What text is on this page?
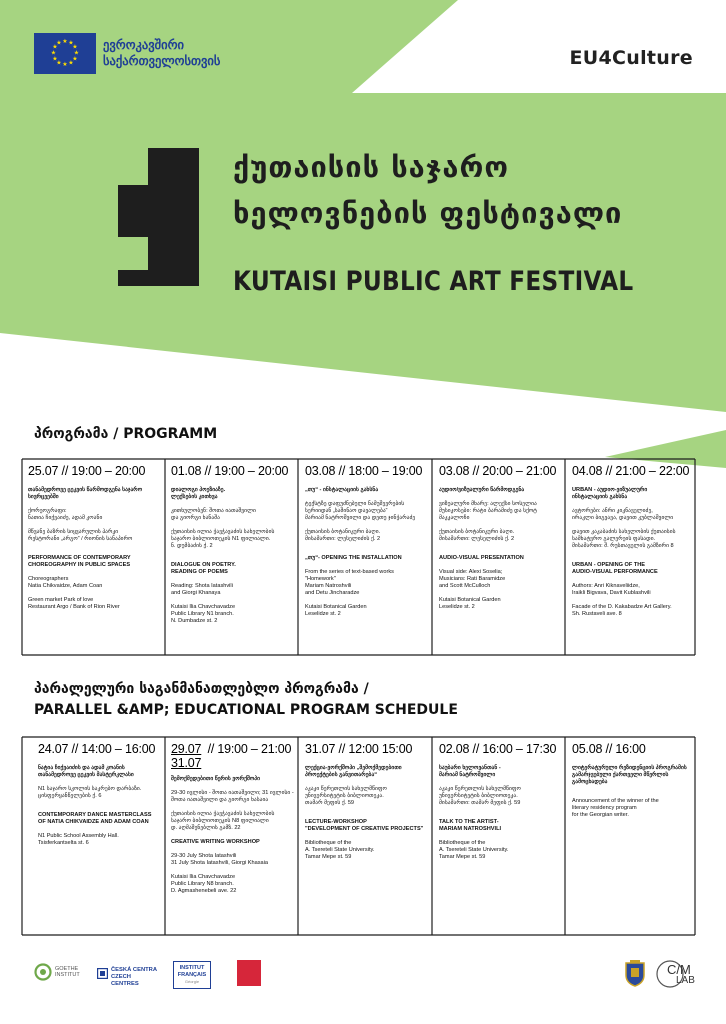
★ ★
★
★
★
★
★
★
★
★
★
★	ევროკავშირი
საქართველოსთვის	EU4Culture
ქუთაისის საჯარო
ხელოვნების ფესტივალი
KUTAISI PUBLIC ART FESTIVAL
პროგრამა / PROGRAMM
25.07 // 19:00 – 20:00
თანამედროვე ცეკვის წარმოდგენა საჯარო სივრცეებში
ქორეოგრაფი:
ნათია ჩიქვაიძე, ადამ კოანი
მწვანე ბაზრის სიყვარულის პარკი
რესტორანი „არგო“ / რიონის სანაპირო
PERFORMANCE OF CONTEMPORARY
CHOREOGRAPHY IN PUBLIC SPACES
Choreographers
Natia Chikvaidze, Adam Coan
Green market Park of love
Restaurant Argo / Bank of Rion River
01.08 // 19:00 – 20:00
დიალოგი პოეზიაზე.
ლექსების კითხვა
კითხულობენ: შოთა იათაშვილი
და გიორგი ხანაშა
ქუთაისის ილია ჭავჭავაძის სახელობის საჯარო ბიბლიოთეკის N1 ფილიალი.
ნ. დუმბაძის ქ. 2
DIALOGUE ON POETRY.
READING OF POEMS
Reading: Shota Iatashvili
and Giorgi Khanaya
Kutaisi Ilia Chavchavadze
Public Library N1 branch.
N. Dumbadze st. 2
03.08 // 18:00 – 19:00
„თუ“ - ინსტალაციის გახსნა
ტექსტზე დაფუძნებული ნამუშევრების სერიიდან „საშინაო დავალება“
მარიამ ნატროშვილი და დეთუ ჯინჭარაძე
ქუთაისის ბოტანიკური ბაღი.
მისამართი: ლესელიძის ქ. 2
„თუ“- OPENING THE INSTALLATION
From the series of text-based works
"Homework"
Mariam Natroshvili
and Detu Jincharadze
Kutaisi Botanical Garden
Leselidze st. 2
03.08 // 20:00 – 21:00
აუდიო/ვიზუალური წარმოდგენა
ვიზუალური მხარე: ალექსი სოსელია
მუსიკოსები: რატი ბარამიძე და სქოტ მაკკალოჩი
ქუთაისის ბოტანიკური ბაღი.
მისამართი: ლესელიძის ქ. 2
AUDIO-VISUAL PRESENTATION
Visual side: Alexi Soselia;
Musicians: Rati Baramidze
and Scott McCulloch
Kutaisi Botanical Garden
Leselidze st. 2
04.08 // 21:00 – 22:00
URBAN - აუდიო-ვიზუალური
ინსტალაციის გახსნა
ავტორები: ანრი კიკნაველიძე,
ირაკლი ბიგვავა, დავით კუბლაშვილი
დავით კაკაბაძის სახელობის ქუთაისის სამხატვრო გალერეის ფასადი.
მისამართი: შ. რუსთაველის გამზირი 8
URBAN - OPENING OF THE
AUDIO-VISUAL PERFORMANCE
Authors: Anri Kiknaveliidze,
Iraikli Bigvava, Davit Kublashvili
Facade of the D. Kakabadze Art Gallery.
Sh. Rustaveli ave. 8
პარალელური საგანმანათლებლო პროგრამა /
PARALLEL &AMP; EDUCATIONAL PROGRAM SCHEDULE
24.07 // 14:00 – 16:00
ნატია ჩიქვაიძის და ადამ კოანის თანამედროვე ცეკვის მასტერკლასი
N1 საჯარო სკოლის საკრებო დარბაზი.
ცისფერყანწელების ქ. 6
CONTEMPORARY DANCE MASTERCLASS
OF NATIA CHIKVAIDZE AND ADAM COAN
N1 Public School Assembly Hall.
Tsisferkantselta st. 6
$\frac{29.07}{31.07}$ // 19:00 – 21:00
შემოქმედებითი წერის ვორქშოპი
29-30 ივლისი - შოთა იათაშვილი; 31 ივლისი - შოთა იათაშვილი და გიორგი ხასაია
ქუთაისის ილია ჭავჭავაძის სახელობის საჯარო ბიბლიოთეკის N8 ფილიალი
დ. აღმაშენებლის გამზ. 22
CREATIVE WRITING WORKSHOP
29-30 July Shota Iatashvili
31 July Shota Iatashvili, Giorgi Khasaia
Kutaisi Ilia Chavchavadze
Public Library N8 branch.
D. Agmashenebeli ave. 22
31.07 // 12:00 15:00
ლექცია-ვორქშოპი „შემოქმედებითი პროექტების განვითარება“
აკაკი წერეთლის სახელმწიფო უნივერსიტეტის ბიბლიოთეკა.
თამარ მეფის ქ. 59
LECTURE-WORKSHOP
"DEVELOPMENT OF CREATIVE PROJECTS"
Bibliotheque of the
A. Tsereteli State University.
Tamar Mepe st. 59
02.08 // 16:00 – 17:30
საუბარი ხელოვანთან -
მარიამ ნატროშვილი
აკაკი წერეთლის სახელმწიფო უნივერსიტეტის ბიბლიოთეკა.
მისამართი: თამარ მეფის ქ. 59
TALK TO THE ARTIST-
MARIAM NATROSHVILI
Bibliotheque of the
A. Tsereteli State University.
Tamar Mepe st. 59
05.08 // 16:00
ლიტერატურული რეზიდენციის პროგრამის გამარჯვებული ქართველი მწერლის გამოცხადება
Announcement of the winner of the
literary residency program
for the Georgian writer.
GOETHE INSTITUT
ČESKÁ CENTRA
CZECH CENTRES
INSTITUT
FRANÇAIS
Géorgie
C/M
LAB
